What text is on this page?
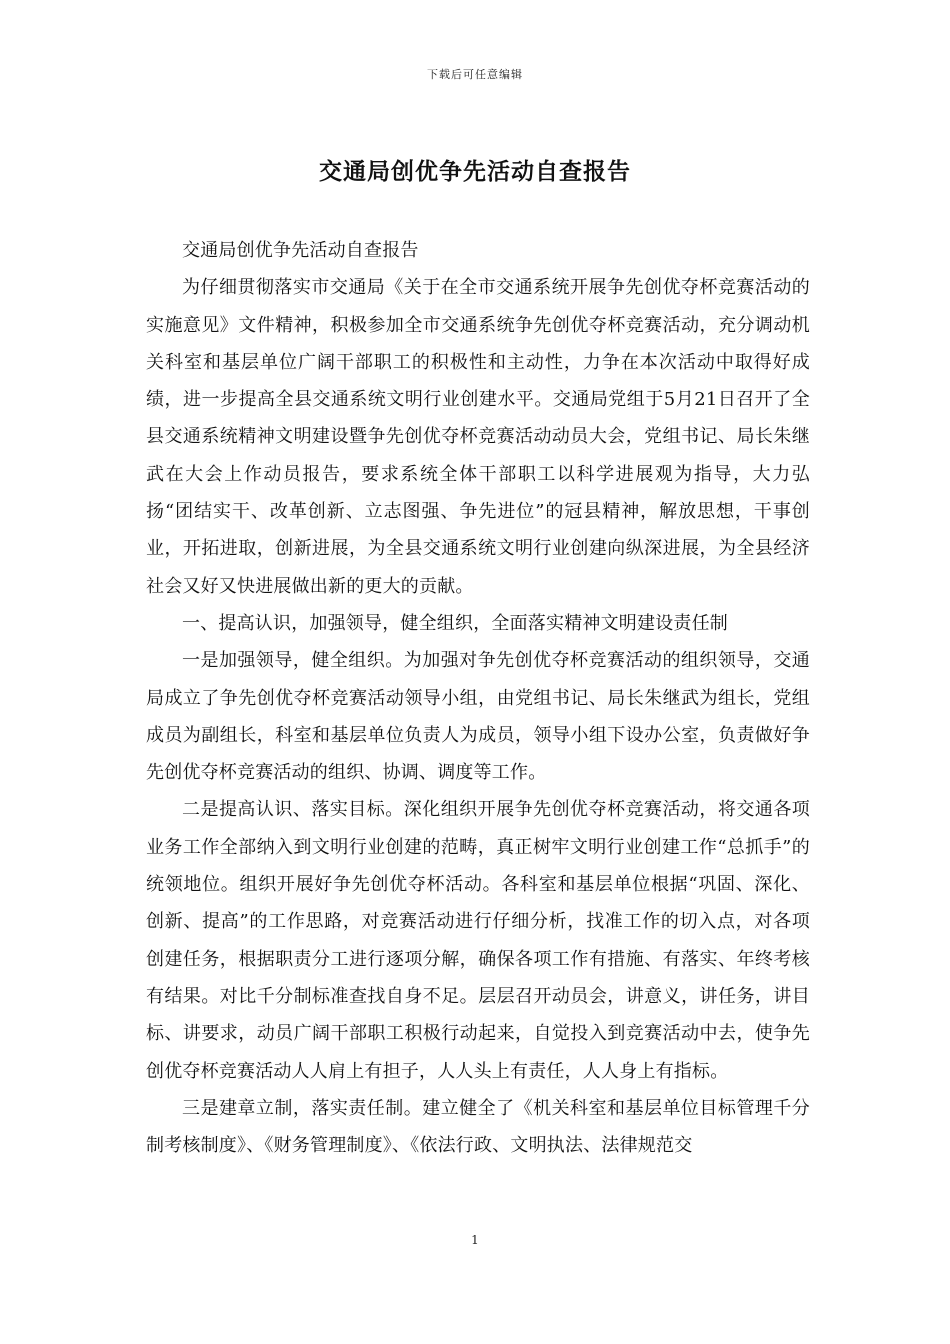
下载后可任意编辑
交通局创优争先活动自查报告

交通局创优争先活动自查报告

为仔细贯彻落实市交通局《关于在全市交通系统开展争先创优夺杯竞赛活动的实施意见》文件精神，积极参加全市交通系统争先创优夺杯竞赛活动，充分调动机关科室和基层单位广阔干部职工的积极性和主动性，力争在本次活动中取得好成绩，进一步提高全县交通系统文明行业创建水平。交通局党组于5月21日召开了全县交通系统精神文明建设暨争先创优夺杯竞赛活动动员大会，党组书记、局长朱继武在大会上作动员报告，要求系统全体干部职工以科学进展观为指导，大力弘扬“团结实干、改革创新、立志图强、争先进位”的冠县精神，解放思想，干事创业，开拓进取，创新进展，为全县交通系统文明行业创建向纵深进展，为全县经济社会又好又快进展做出新的更大的贡献。

一、提高认识，加强领导，健全组织，全面落实精神文明建设责任制

一是加强领导，健全组织。为加强对争先创优夺杯竞赛活动的组织领导，交通局成立了争先创优夺杯竞赛活动领导小组，由党组书记、局长朱继武为组长，党组成员为副组长，科室和基层单位负责人为成员，领导小组下设办公室，负责做好争先创优夺杯竞赛活动的组织、协调、调度等工作。

二是提高认识、落实目标。深化组织开展争先创优夺杯竞赛活动，将交通各项业务工作全部纳入到文明行业创建的范畴，真正树牢文明行业创建工作“总抓手”的统领地位。组织开展好争先创优夺杯活动。各科室和基层单位根据“巩固、深化、创新、提高”的工作思路，对竞赛活动进行仔细分析，找准工作的切入点，对各项创建任务，根据职责分工进行逐项分解，确保各项工作有措施、有落实、年终考核有结果。对比千分制标准查找自身不足。层层召开动员会，讲意义，讲任务，讲目标、讲要求，动员广阔干部职工积极行动起来，自觉投入到竞赛活动中去，使争先创优夺杯竞赛活动人人肩上有担子，人人头上有责任，人人身上有指标。

三是建章立制，落实责任制。建立健全了《机关科室和基层单位目标管理千分制考核制度》、《财务管理制度》、《依法行政、文明执法、法律规范交

1
